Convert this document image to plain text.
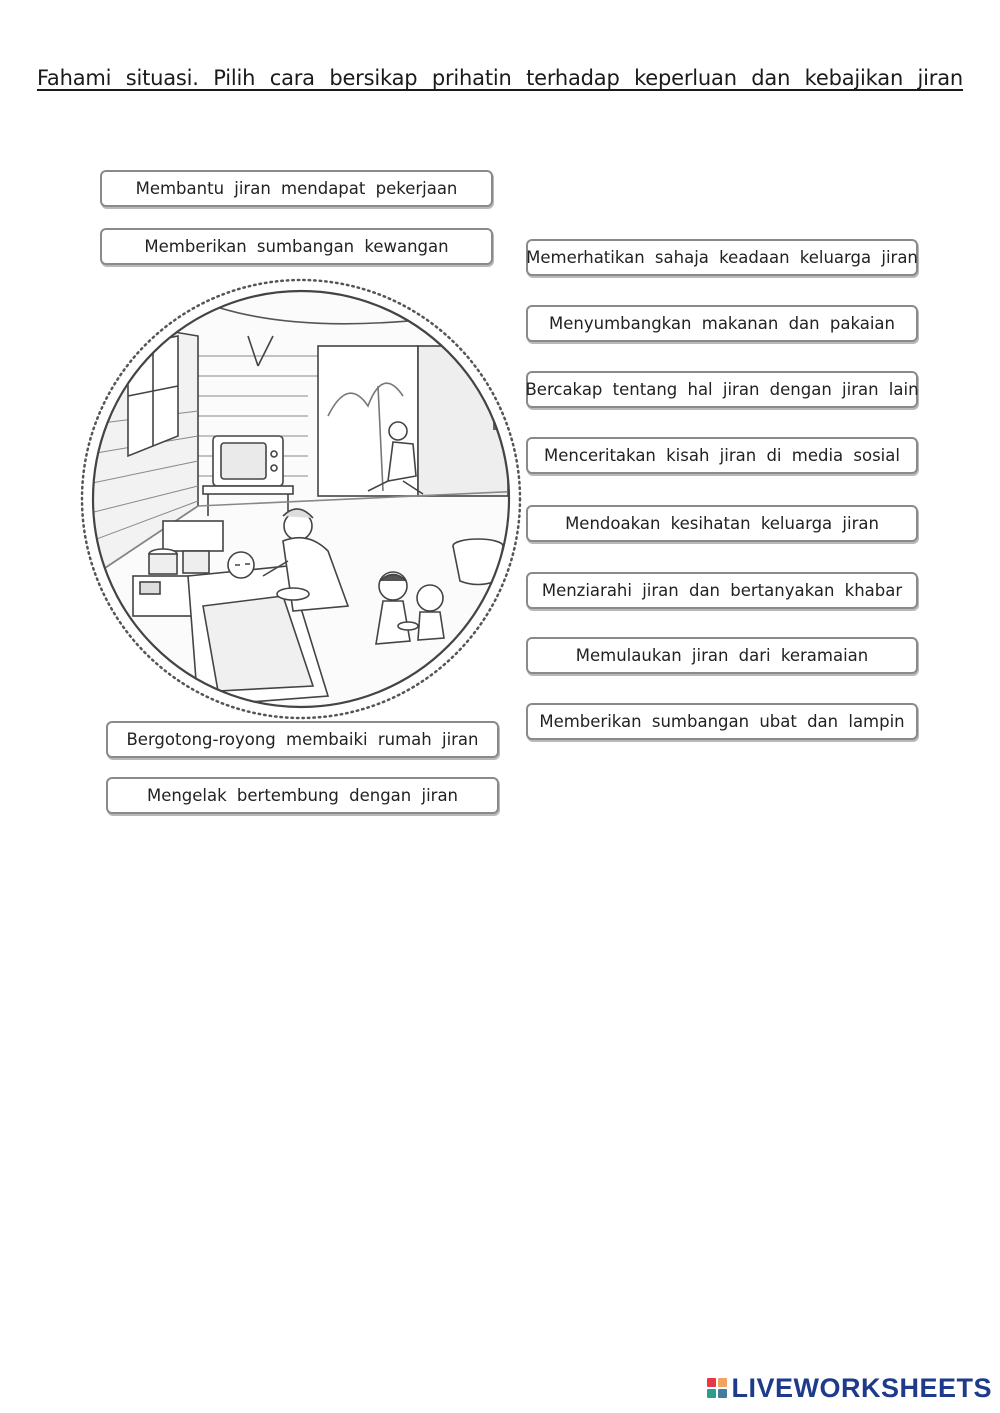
Fahami situasi. Pilih cara bersikap prihatin terhadap keperluan dan kebajikan jiran
Membantu jiran mendapat pekerjaan
Memberikan sumbangan kewangan
Bergotong-royong membaiki rumah jiran
Mengelak bertembung dengan jiran
Memerhatikan sahaja keadaan keluarga jiran
Menyumbangkan makanan dan pakaian
Bercakap tentang hal jiran dengan jiran lain
Menceritakan kisah jiran di media sosial
Mendoakan kesihatan keluarga jiran
Menziarahi jiran dan bertanyakan khabar
Memulaukan jiran dari keramaian
Memberikan sumbangan ubat dan lampin
LIVEWORKSHEETS
